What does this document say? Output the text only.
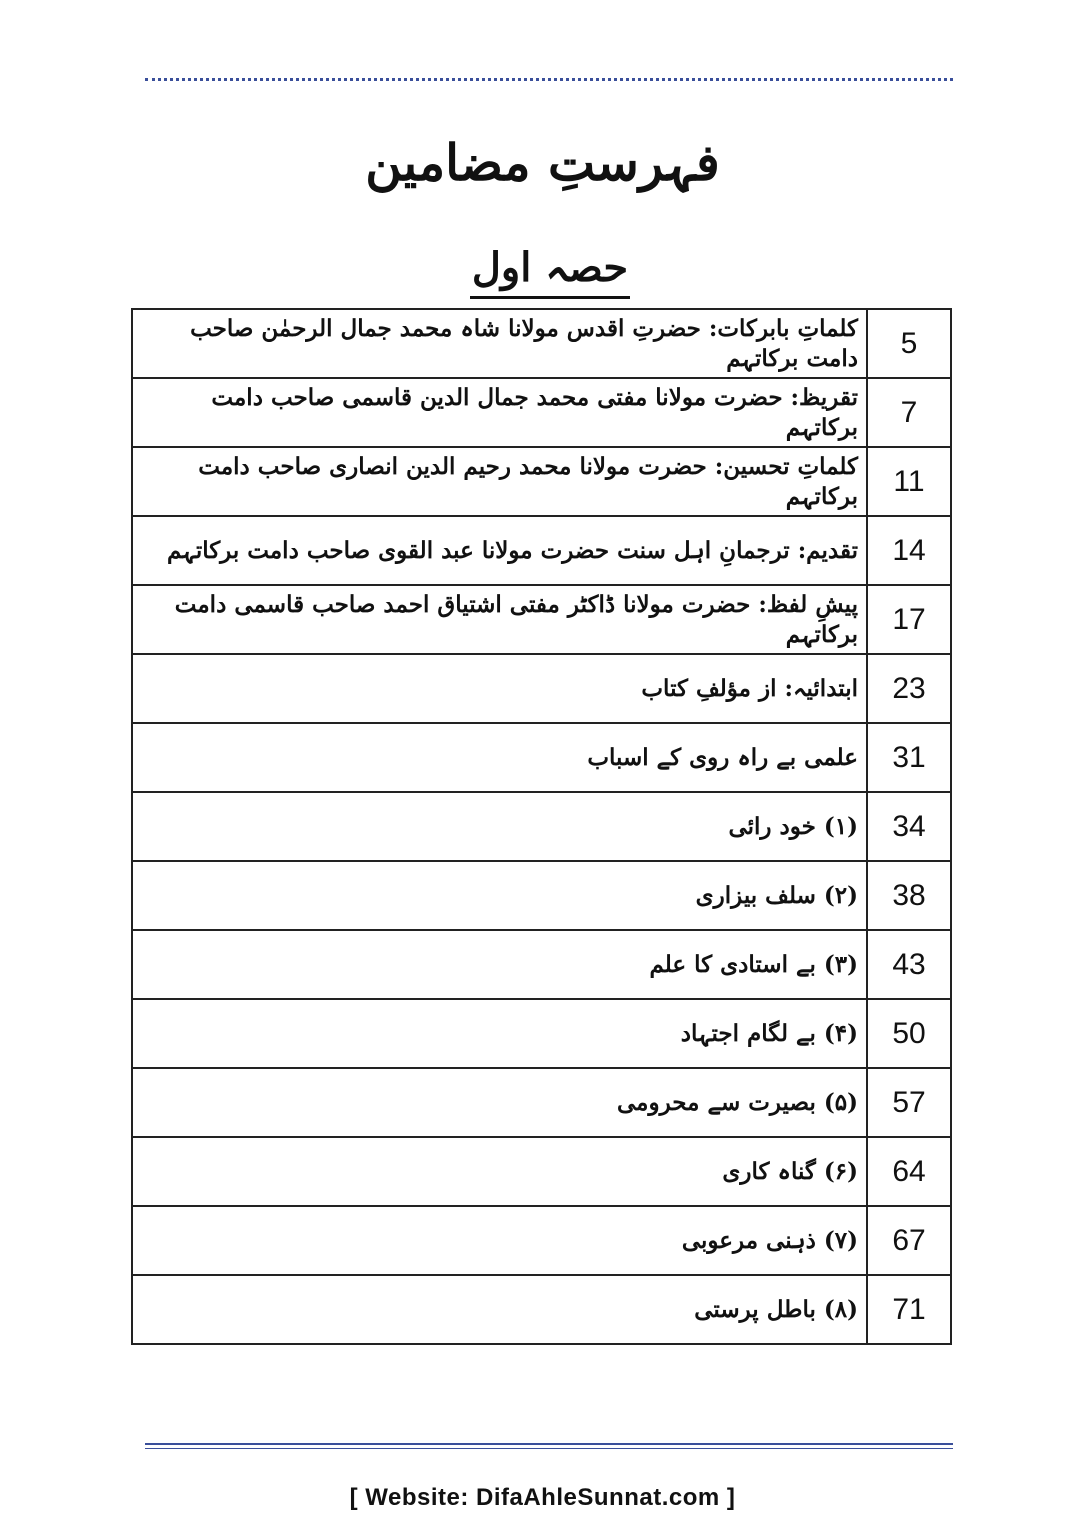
فہرستِ مضامین
حصہ اول
کلماتِ بابرکات: حضرتِ اقدس مولانا شاہ محمد جمال الرحمٰن صاحب دامت برکاتہم	5
تقریظ: حضرت مولانا مفتی محمد جمال الدین قاسمی صاحب دامت برکاتہم	7
کلماتِ تحسین: حضرت مولانا محمد رحیم الدین انصاری صاحب دامت برکاتہم	11
تقدیم: ترجمانِ اہل سنت حضرت مولانا عبد القوی صاحب دامت برکاتہم	14
پیشِ لفظ: حضرت مولانا ڈاکٹر مفتی اشتیاق احمد صاحب قاسمی دامت برکاتہم	17
ابتدائیہ: از مؤلفِ کتاب	23
علمی بے راہ روی کے اسباب	31
(۱) خود رائی	34
(۲) سلف بیزاری	38
(۳) بے استادی کا علم	43
(۴) بے لگام اجتہاد	50
(۵) بصیرت سے محرومی	57
(۶) گناہ کاری	64
(۷) ذہنی مرعوبی	67
(۸) باطل پرستی	71
[ Website: DifaAhleSunnat.com ]
